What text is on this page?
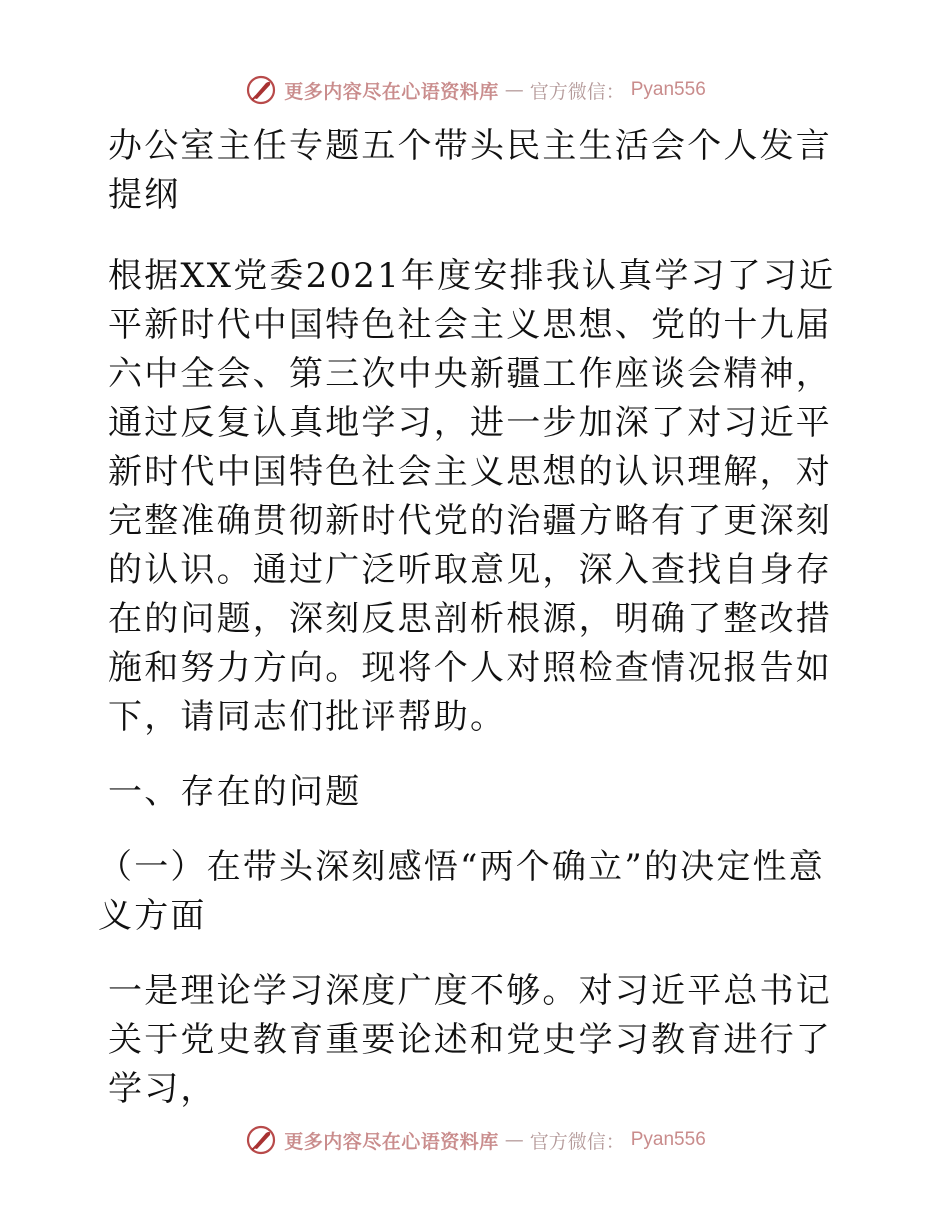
更多内容尽在心语资料库 — 官方微信： Pyan556

办公室主任专题五个带头民主生活会个人发言提纲

根据XX党委2021年度安排我认真学习了习近平新时代中国特色社会主义思想、党的十九届六中全会、第三次中央新疆工作座谈会精神，通过反复认真地学习，进一步加深了对习近平新时代中国特色社会主义思想的认识理解，对完整准确贯彻新时代党的治疆方略有了更深刻的认识。通过广泛听取意见，深入查找自身存在的问题，深刻反思剖析根源，明确了整改措施和努力方向。现将个人对照检查情况报告如下，请同志们批评帮助。

一、存在的问题

（一）在带头深刻感悟“两个确立”的决定性意义方面

一是理论学习深度广度不够。对习近平总书记关于党史教育重要论述和党史学习教育进行了学习，

更多内容尽在心语资料库 — 官方微信： Pyan556
